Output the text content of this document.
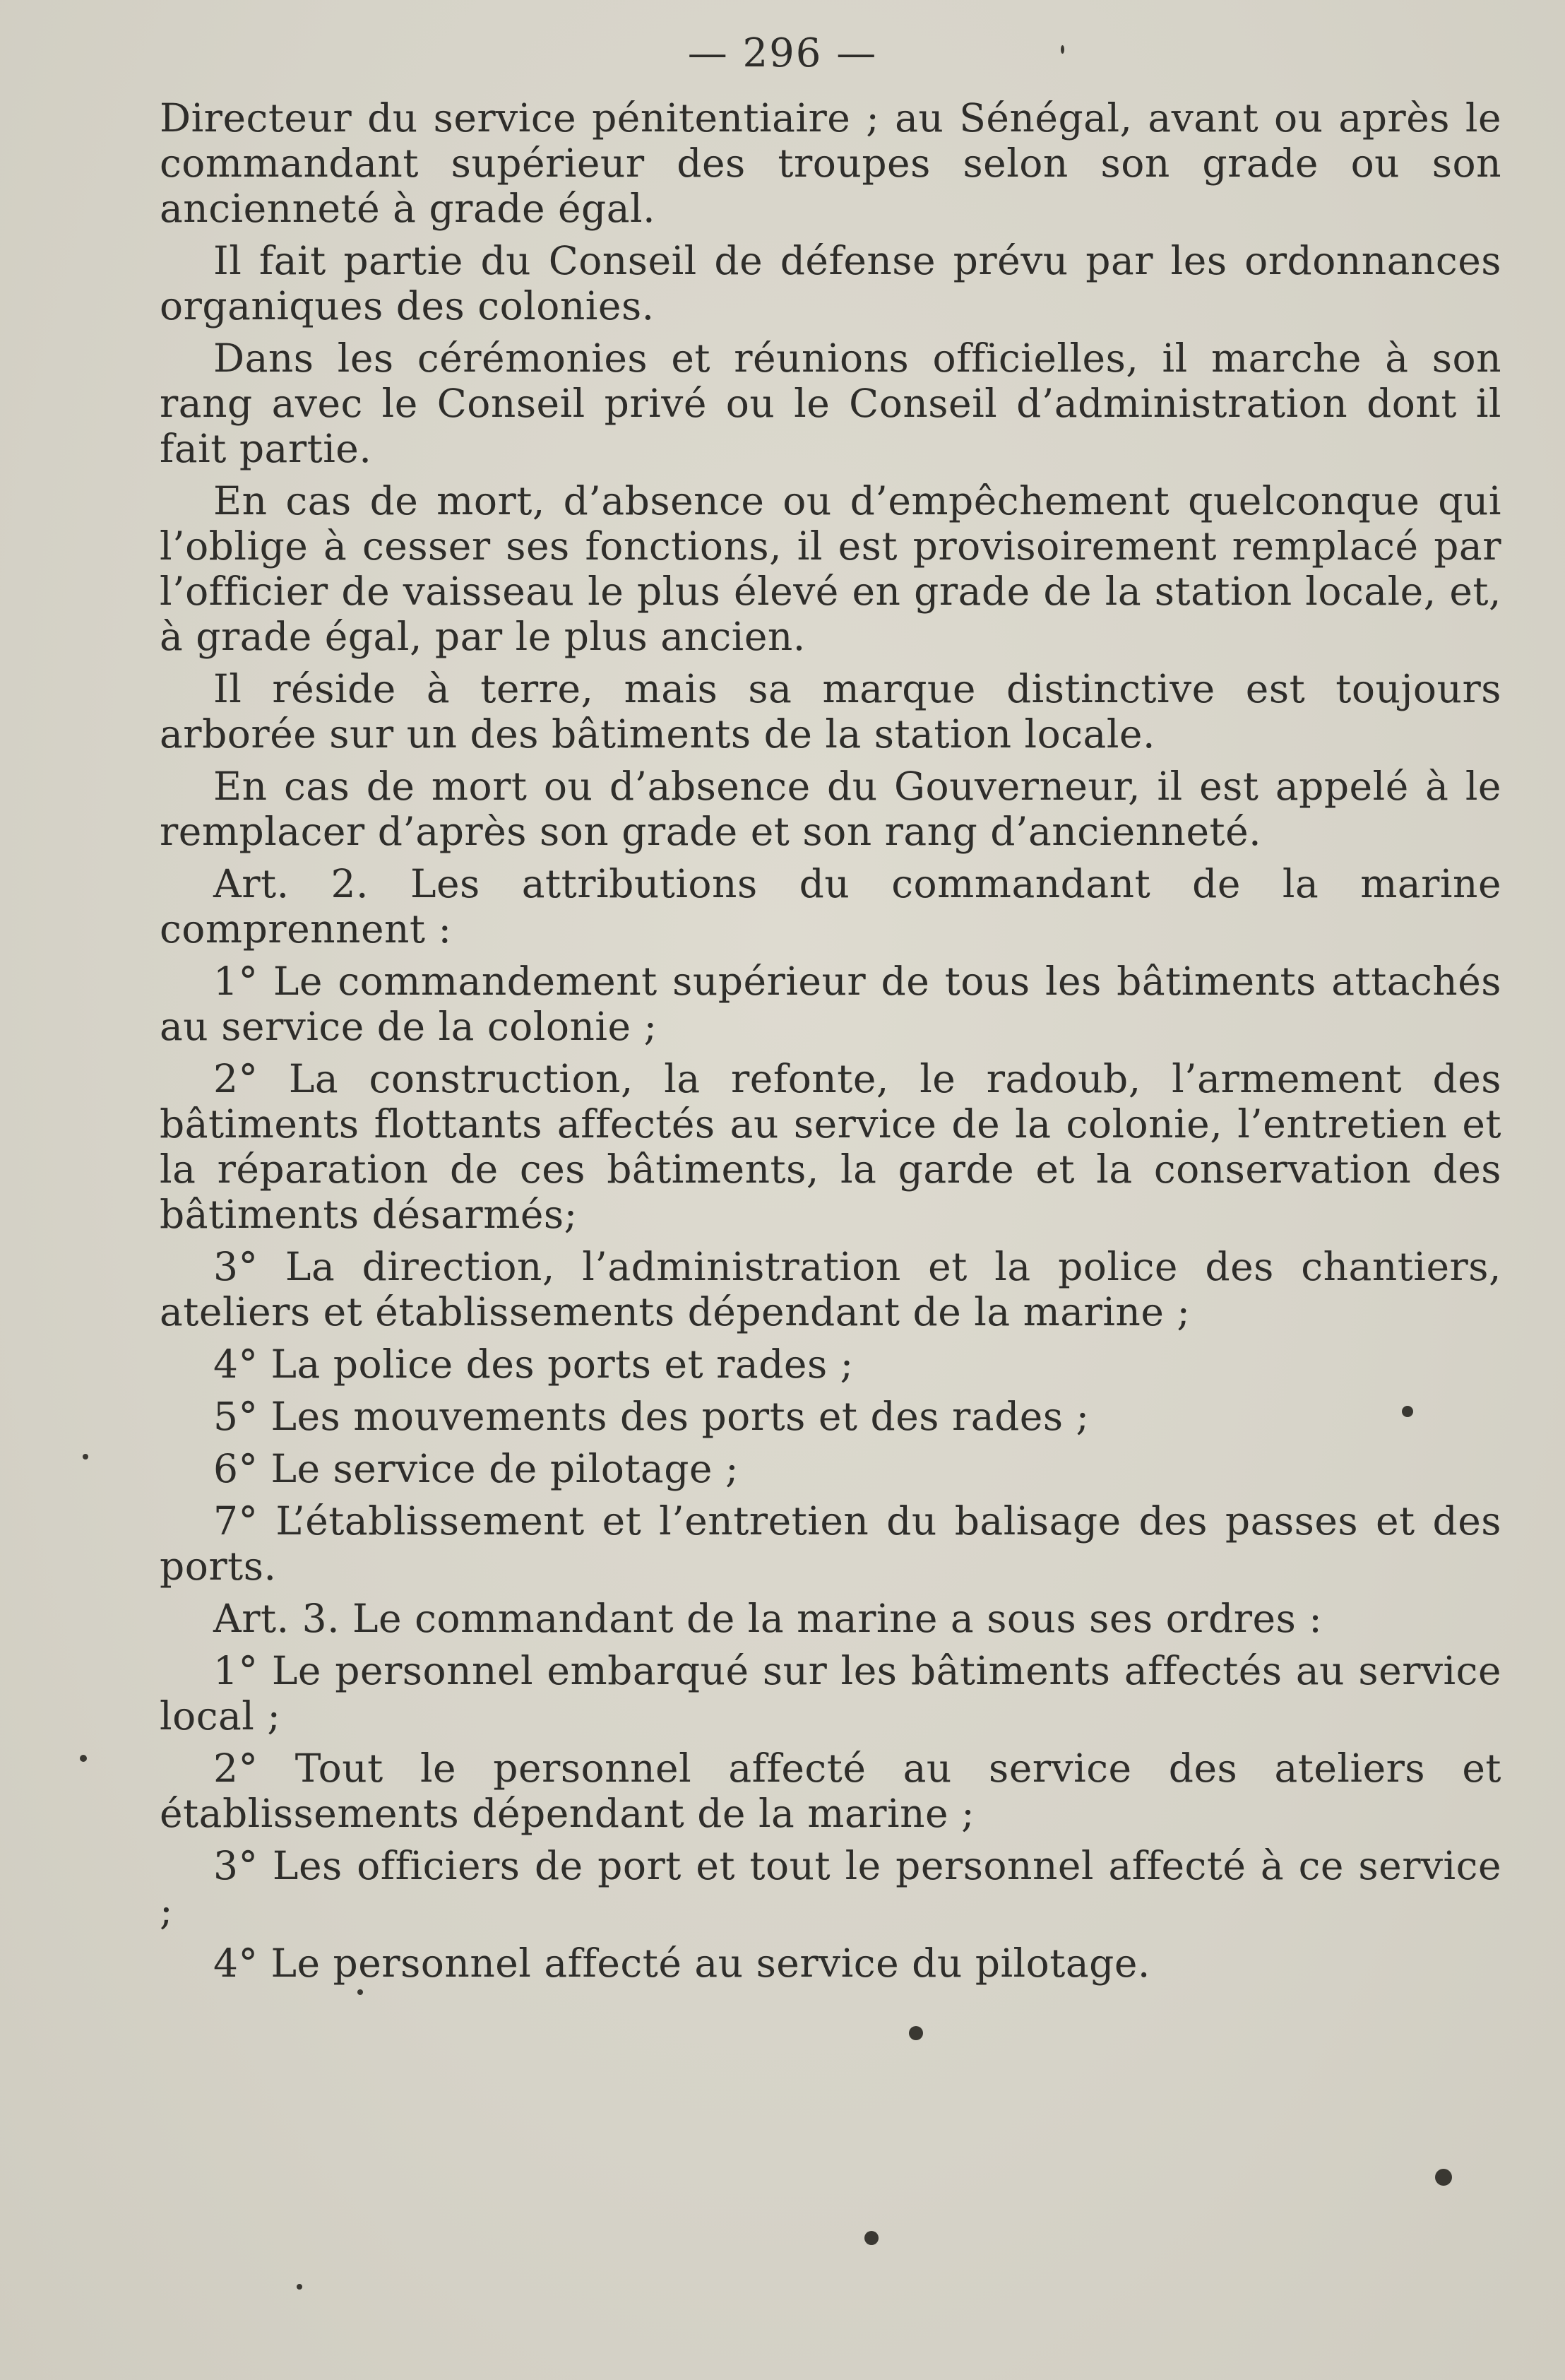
— 296 —

Directeur du service pénitentiaire ; au Sénégal, avant ou après le commandant supérieur des troupes selon son grade ou son ancienneté à grade égal.

Il fait partie du Conseil de défense prévu par les ordonnances organiques des colonies.

Dans les cérémonies et réunions officielles, il marche à son rang avec le Conseil privé ou le Conseil d’administration dont il fait partie.

En cas de mort, d’absence ou d’empêchement quelconque qui l’oblige à cesser ses fonctions, il est provisoirement remplacé par l’officier de vaisseau le plus élevé en grade de la station locale, et, à grade égal, par le plus ancien.

Il réside à terre, mais sa marque distinctive est toujours arborée sur un des bâtiments de la station locale.

En cas de mort ou d’absence du Gouverneur, il est appelé à le remplacer d’après son grade et son rang d’ancienneté.

Art. 2. Les attributions du commandant de la marine comprennent :

1° Le commandement supérieur de tous les bâtiments attachés au service de la colonie ;

2° La construction, la refonte, le radoub, l’armement des bâtiments flottants affectés au service de la colonie, l’entretien et la réparation de ces bâtiments, la garde et la conservation des bâtiments désarmés;

3° La direction, l’administration et la police des chantiers, ateliers et établissements dépendant de la marine ;

4° La police des ports et rades ;

5° Les mouvements des ports et des rades ;

6° Le service de pilotage ;

7° L’établissement et l’entretien du balisage des passes et des ports.

Art. 3. Le commandant de la marine a sous ses ordres :

1° Le personnel embarqué sur les bâtiments affectés au service local ;

2° Tout le personnel affecté au service des ateliers et établissements dépendant de la marine ;

3° Les officiers de port et tout le personnel affecté à ce service ;

4° Le personnel affecté au service du pilotage.
